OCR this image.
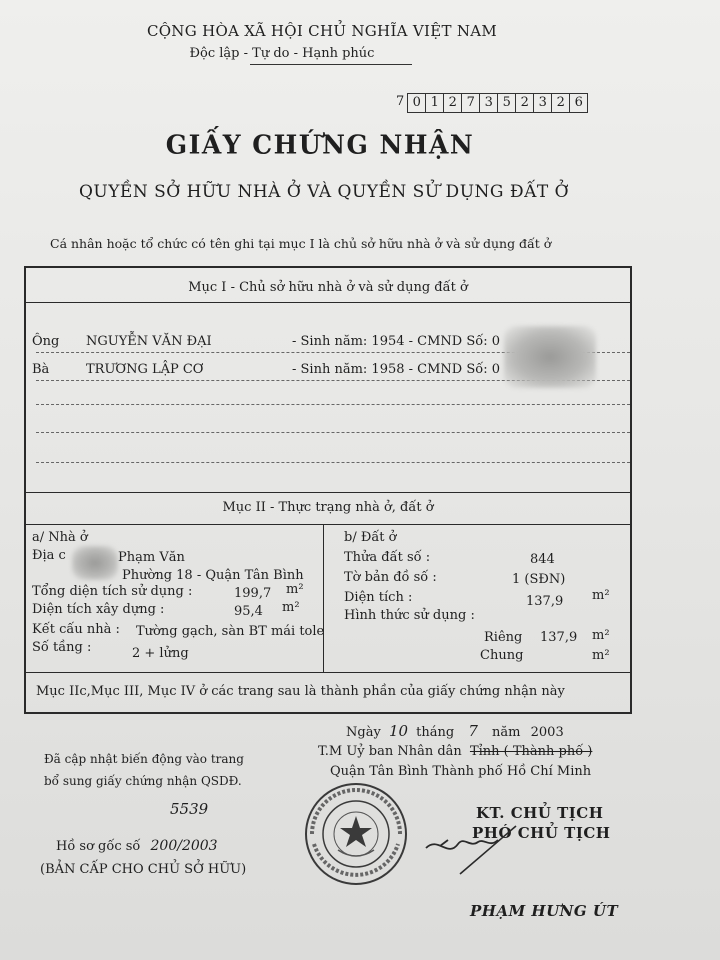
CỘNG HÒA XÃ HỘI CHỦ NGHĨA VIỆT NAM
Độc lập - Tự do - Hạnh phúc
7 0 1 2 7 3 5 2 3 2 6
GIẤY CHỨNG NHẬN
QUYỀN SỞ HỮU NHÀ Ở VÀ QUYỀN SỬ DỤNG ĐẤT Ở
Cá nhân hoặc tổ chức có tên ghi tại mục I là chủ sở hữu nhà ở và sử dụng đất ở
Mục I - Chủ sở hữu nhà ở và sử dụng đất ở
Ông NGUYỄN VĂN ĐẠI	- Sinh năm: 1954 - CMND Số: 0
Bà	TRƯƠNG LẬP CƠ	- Sinh năm: 1958 - CMND Số: 0
Mục II - Thực trạng nhà ở, đất ở
a/ Nhà ở
Địa c	Phạm Văn
Phường 18 - Quận Tân Bình
Tổng diện tích sử dụng :	199,7 m²
Diện tích xây dựng :	95,4 m²
Kết cấu nhà : Tường gạch, sàn BT mái tole
Số tầng :	2 + lửng
b/ Đất ở
Thửa đất số :	844
Tờ bản đồ số :	1 (SĐN)
Diện tích :	137,9 m²
Hình thức sử dụng :
Riêng 137,9 m²
Chung	m²
Mục IIc,Mục III, Mục IV ở các trang sau là thành phần của giấy chứng nhận này
Ngày 10 tháng 7 năm 2003
T.M Uỷ ban Nhân dân Tỉnh ( Thành phố )
Quận Tân Bình Thành phố Hồ Chí Minh
KT. CHỦ TỊCH
PHÓ CHỦ TỊCH
PHẠM HƯNG ÚT
Đã cập nhật biến động vào trang
bổ sung giấy chứng nhận QSDĐ.
5539
Hồ sơ gốc số 200/2003
(BẢN CẤP CHO CHỦ SỞ HỮU)
